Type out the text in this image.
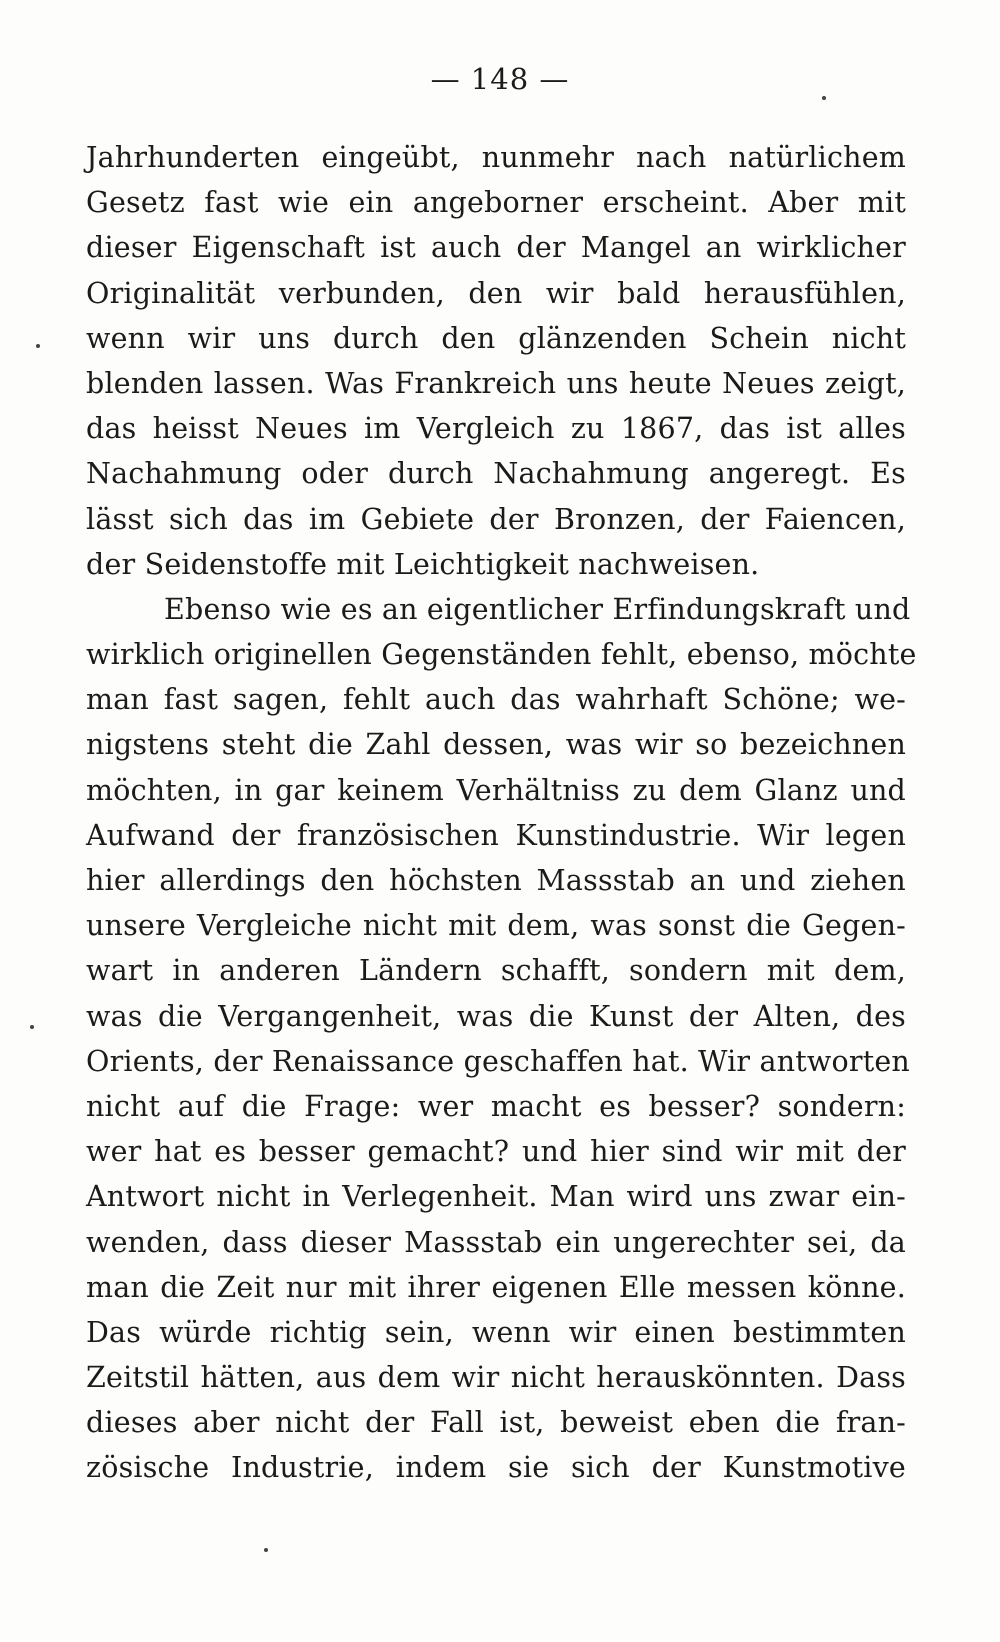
— 148 —
Jahrhunderten eingeübt, nunmehr nach natürlichem
Gesetz fast wie ein angeborner erscheint. Aber mit
dieser Eigenschaft ist auch der Mangel an wirklicher
Originalität verbunden, den wir bald herausfühlen,
wenn wir uns durch den glänzenden Schein nicht
blenden lassen. Was Frankreich uns heute Neues zeigt,
das heisst Neues im Vergleich zu 1867, das ist alles
Nachahmung oder durch Nachahmung angeregt. Es
lässt sich das im Gebiete der Bronzen, der Faiencen,
der Seidenstoffe mit Leichtigkeit nachweisen.
Ebenso wie es an eigentlicher Erfindungskraft und
wirklich originellen Gegenständen fehlt, ebenso, möchte
man fast sagen, fehlt auch das wahrhaft Schöne; we-
nigstens steht die Zahl dessen, was wir so bezeichnen
möchten, in gar keinem Verhältniss zu dem Glanz und
Aufwand der französischen Kunstindustrie. Wir legen
hier allerdings den höchsten Massstab an und ziehen
unsere Vergleiche nicht mit dem, was sonst die Gegen-
wart in anderen Ländern schafft, sondern mit dem,
was die Vergangenheit, was die Kunst der Alten, des
Orients, der Renaissance geschaffen hat. Wir antworten
nicht auf die Frage: wer macht es besser? sondern:
wer hat es besser gemacht? und hier sind wir mit der
Antwort nicht in Verlegenheit. Man wird uns zwar ein-
wenden, dass dieser Massstab ein ungerechter sei, da
man die Zeit nur mit ihrer eigenen Elle messen könne.
Das würde richtig sein, wenn wir einen bestimmten
Zeitstil hätten, aus dem wir nicht herauskönnten. Dass
dieses aber nicht der Fall ist, beweist eben die fran-
zösische Industrie, indem sie sich der Kunstmotive
